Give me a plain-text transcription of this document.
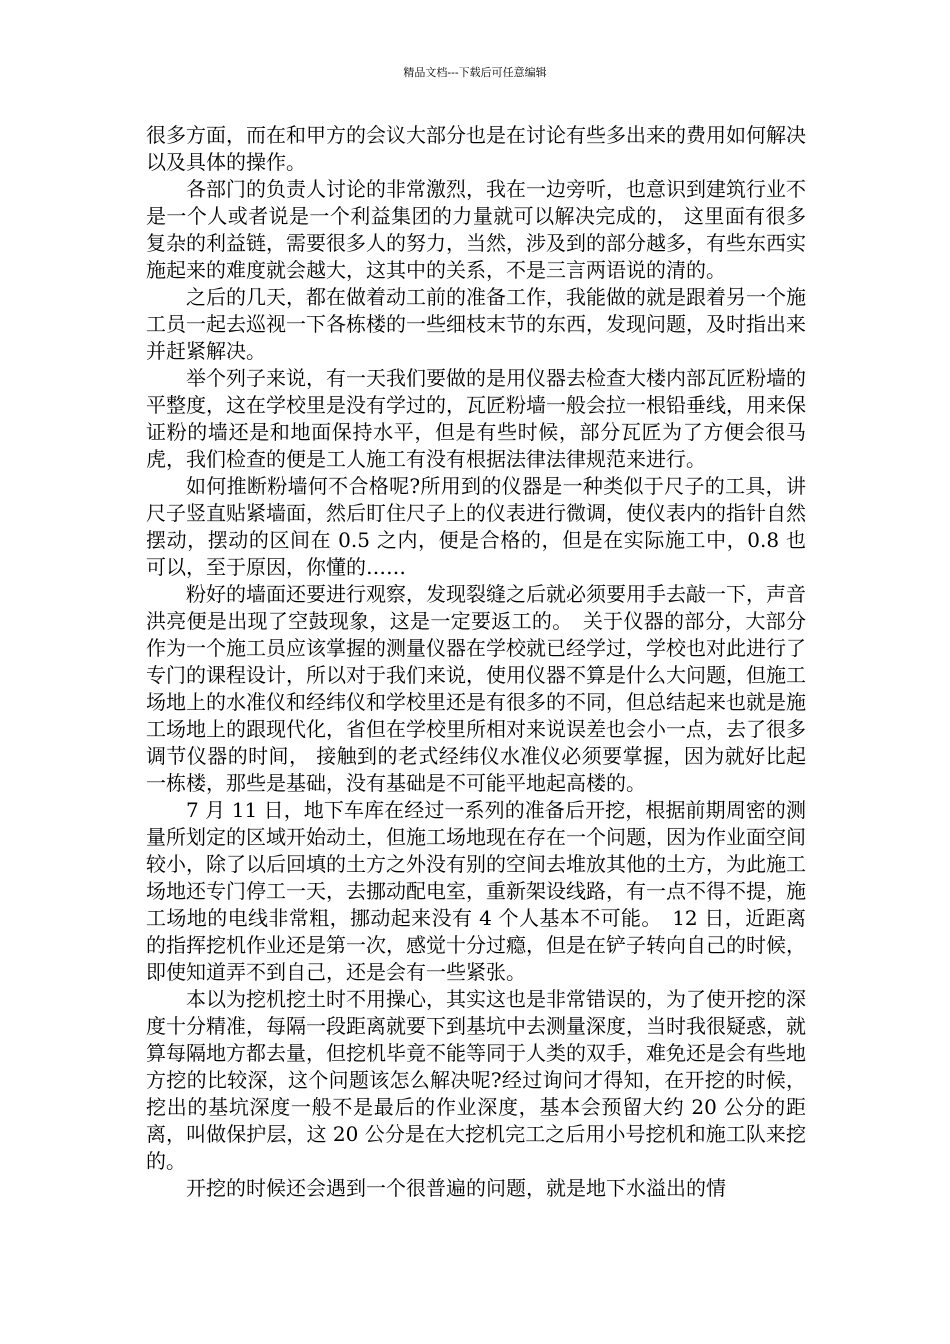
精品文档---下载后可任意编辑

很多方面，而在和甲方的会议大部分也是在讨论有些多出来的费用如何解决以及具体的操作。

各部门的负责人讨论的非常激烈，我在一边旁听，也意识到建筑行业不是一个人或者说是一个利益集团的力量就可以解决完成的， 这里面有很多复杂的利益链，需要很多人的努力，当然，涉及到的部分越多，有些东西实施起来的难度就会越大，这其中的关系，不是三言两语说的清的。

之后的几天，都在做着动工前的准备工作，我能做的就是跟着另一个施工员一起去巡视一下各栋楼的一些细枝末节的东西，发现问题，及时指出来并赶紧解决。

举个列子来说，有一天我们要做的是用仪器去检查大楼内部瓦匠粉墙的平整度，这在学校里是没有学过的，瓦匠粉墙一般会拉一根铅垂线，用来保证粉的墙还是和地面保持水平，但是有些时候，部分瓦匠为了方便会很马虎，我们检查的便是工人施工有没有根据法律法律规范来进行。

如何推断粉墙何不合格呢?所用到的仪器是一种类似于尺子的工具，讲尺子竖直贴紧墙面，然后盯住尺子上的仪表进行微调，使仪表内的指针自然摆动，摆动的区间在 0.5 之内，便是合格的，但是在实际施工中，0.8 也可以，至于原因，你懂的……

粉好的墙面还要进行观察，发现裂缝之后就必须要用手去敲一下，声音洪亮便是出现了空鼓现象，这是一定要返工的。　关于仪器的部分，大部分作为一个施工员应该掌握的测量仪器在学校就已经学过，学校也对此进行了专门的课程设计，所以对于我们来说，使用仪器不算是什么大问题，但施工场地上的水准仪和经纬仪和学校里还是有很多的不同，但总结起来也就是施工场地上的跟现代化，省但在学校里所相对来说误差也会小一点，去了很多调节仪器的时间， 接触到的老式经纬仪水准仪必须要掌握，因为就好比起一栋楼，那些是基础，没有基础是不可能平地起高楼的。

7 月 11 日，地下车库在经过一系列的准备后开挖，根据前期周密的测量所划定的区域开始动土，但施工场地现在存在一个问题，因为作业面空间较小，除了以后回填的土方之外没有别的空间去堆放其他的土方，为此施工场地还专门停工一天，去挪动配电室，重新架设线路，有一点不得不提，施工场地的电线非常粗，挪动起来没有 4 个人基本不可能。　12 日，近距离的指挥挖机作业还是第一次，感觉十分过瘾，但是在铲子转向自己的时候，即使知道弄不到自己，还是会有一些紧张。

本以为挖机挖土时不用操心，其实这也是非常错误的，为了使开挖的深度十分精准，每隔一段距离就要下到基坑中去测量深度，当时我很疑惑，就算每隔地方都去量，但挖机毕竟不能等同于人类的双手，难免还是会有些地方挖的比较深，这个问题该怎么解决呢?经过询问才得知，在开挖的时候，挖出的基坑深度一般不是最后的作业深度，基本会预留大约 20 公分的距离，叫做保护层，这 20 公分是在大挖机完工之后用小号挖机和施工队来挖的。

开挖的时候还会遇到一个很普遍的问题，就是地下水溢出的情
